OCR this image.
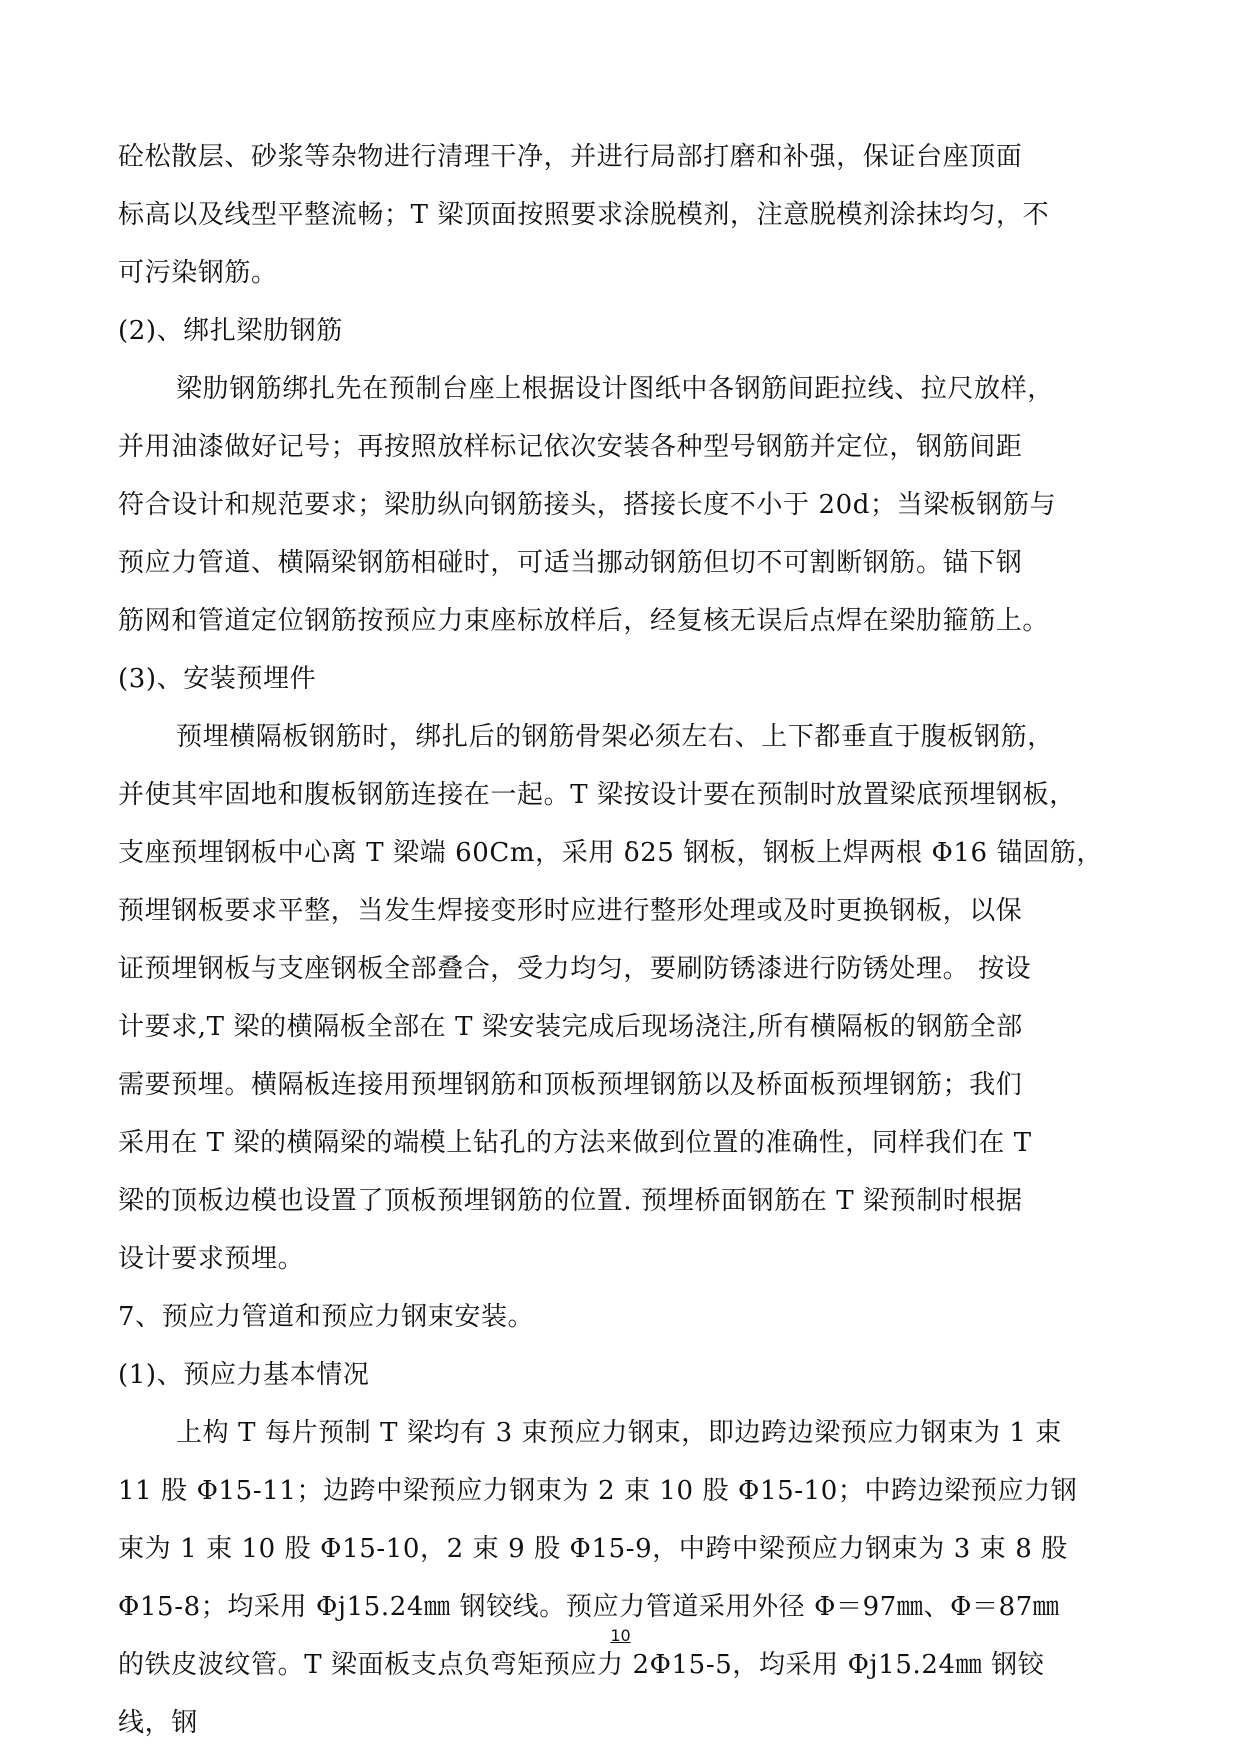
砼松散层、砂浆等杂物进行清理干净，并进行局部打磨和补强，保证台座顶面
标高以及线型平整流畅；T 梁顶面按照要求涂脱模剂，注意脱模剂涂抹均匀，不
可污染钢筋。
(2)、绑扎梁肋钢筋
梁肋钢筋绑扎先在预制台座上根据设计图纸中各钢筋间距拉线、拉尺放样，
并用油漆做好记号；再按照放样标记依次安装各种型号钢筋并定位，钢筋间距
符合设计和规范要求；梁肋纵向钢筋接头，搭接长度不小于 20d；当梁板钢筋与
预应力管道、横隔梁钢筋相碰时，可适当挪动钢筋但切不可割断钢筋。锚下钢
筋网和管道定位钢筋按预应力束座标放样后，经复核无误后点焊在梁肋箍筋上。
(3)、安装预埋件
预埋横隔板钢筋时，绑扎后的钢筋骨架必须左右、上下都垂直于腹板钢筋，
并使其牢固地和腹板钢筋连接在一起。T 梁按设计要在预制时放置梁底预埋钢板，
支座预埋钢板中心离 T 梁端 60Cm，采用 δ25 钢板，钢板上焊两根 Φ16 锚固筋，
预埋钢板要求平整，当发生焊接变形时应进行整形处理或及时更换钢板，以保
证预埋钢板与支座钢板全部叠合，受力均匀，要刷防锈漆进行防锈处理。 按设
计要求,T 梁的横隔板全部在 T 梁安装完成后现场浇注,所有横隔板的钢筋全部
需要预埋。横隔板连接用预埋钢筋和顶板预埋钢筋以及桥面板预埋钢筋；我们
采用在 T 梁的横隔梁的端模上钻孔的方法来做到位置的准确性，同样我们在 T
梁的顶板边模也设置了顶板预埋钢筋的位置. 预埋桥面钢筋在 T 梁预制时根据
设计要求预埋。
7、预应力管道和预应力钢束安装。
(1)、预应力基本情况
上构 T 每片预制 T 梁均有 3 束预应力钢束，即边跨边梁预应力钢束为 1 束
11 股 Φ15-11；边跨中梁预应力钢束为 2 束 10 股 Φ15-10；中跨边梁预应力钢
束为 1 束 10 股 Φ15-10，2 束 9 股 Φ15-9，中跨中梁预应力钢束为 3 束 8 股
Φ15-8；均采用 Φj15.24㎜ 钢铰线。预应力管道采用外径 Φ＝97㎜、Φ＝87㎜
的铁皮波纹管。T 梁面板支点负弯矩预应力 2Φ15-5，均采用 Φj15.24㎜ 钢铰
线，钢
10
